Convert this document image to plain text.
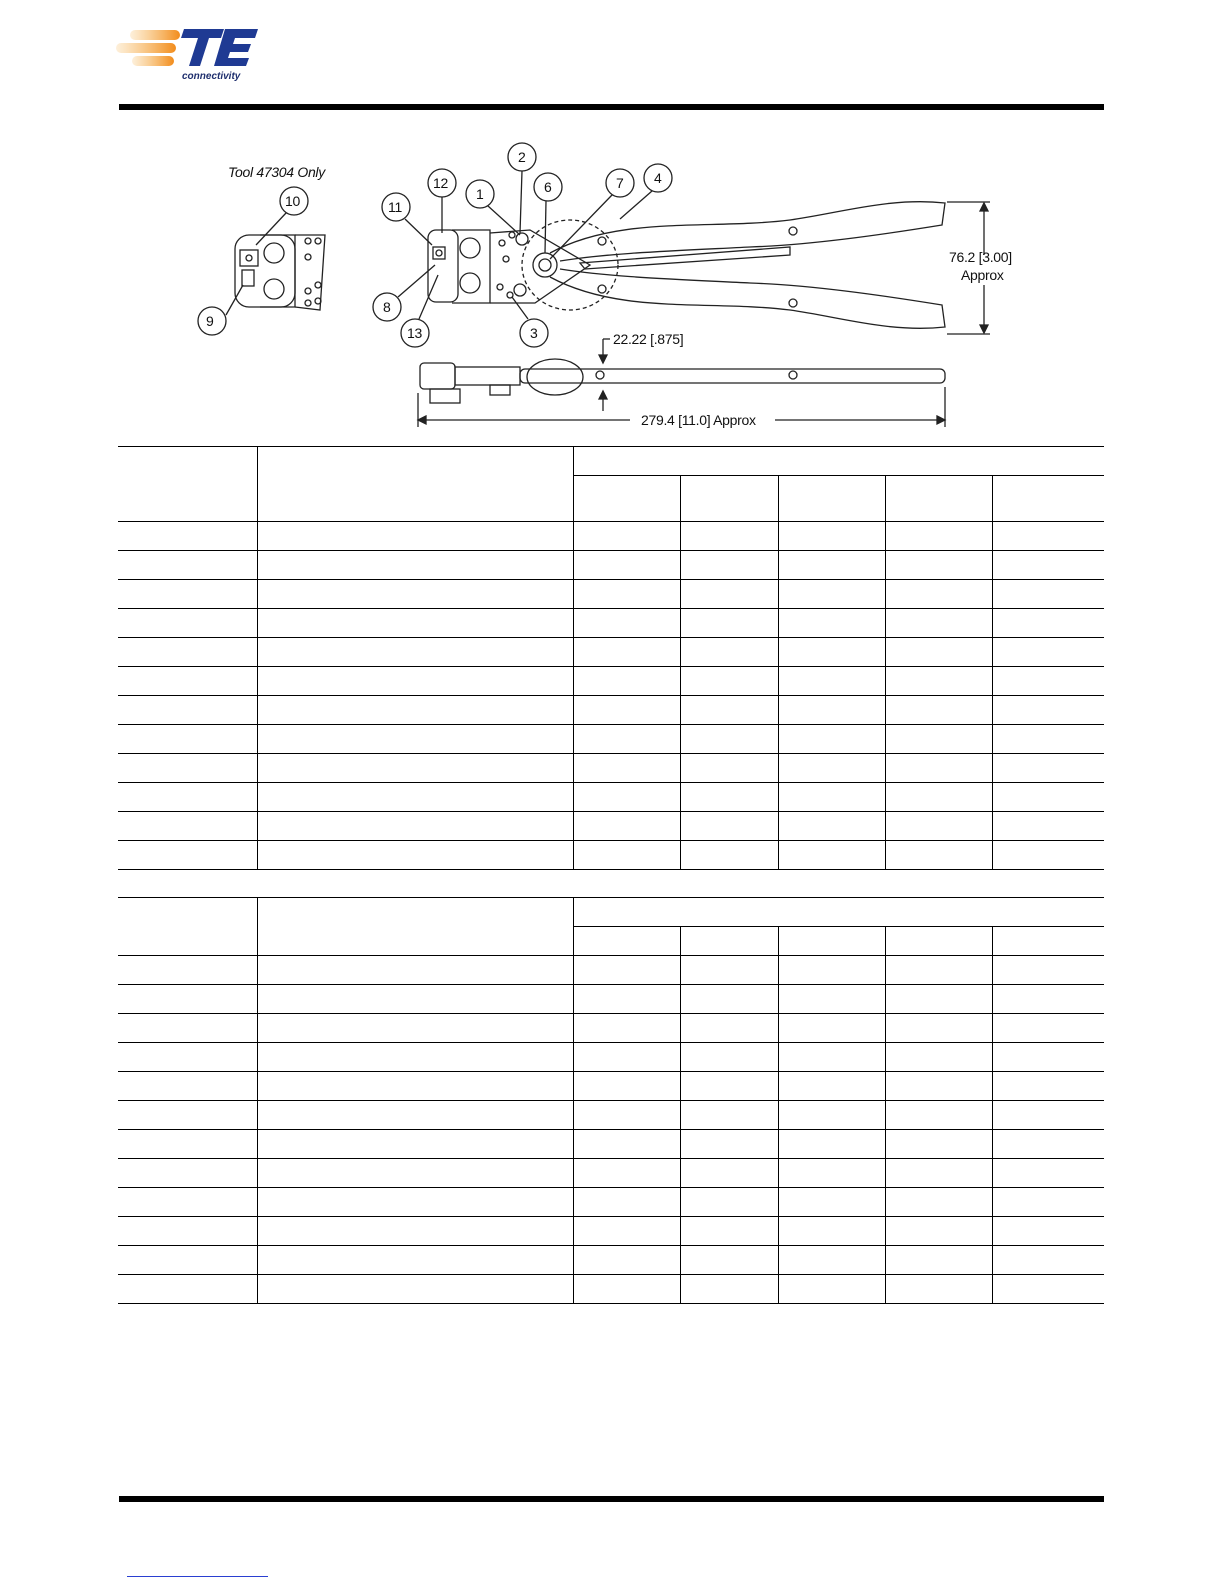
connectivity
9
10	11
12
1
2
6	7 4
8
13	3
Tool 47304 Only
76.2 [3.00]
Approx
22.22 [.875]
279.4 [11.0] Approx
